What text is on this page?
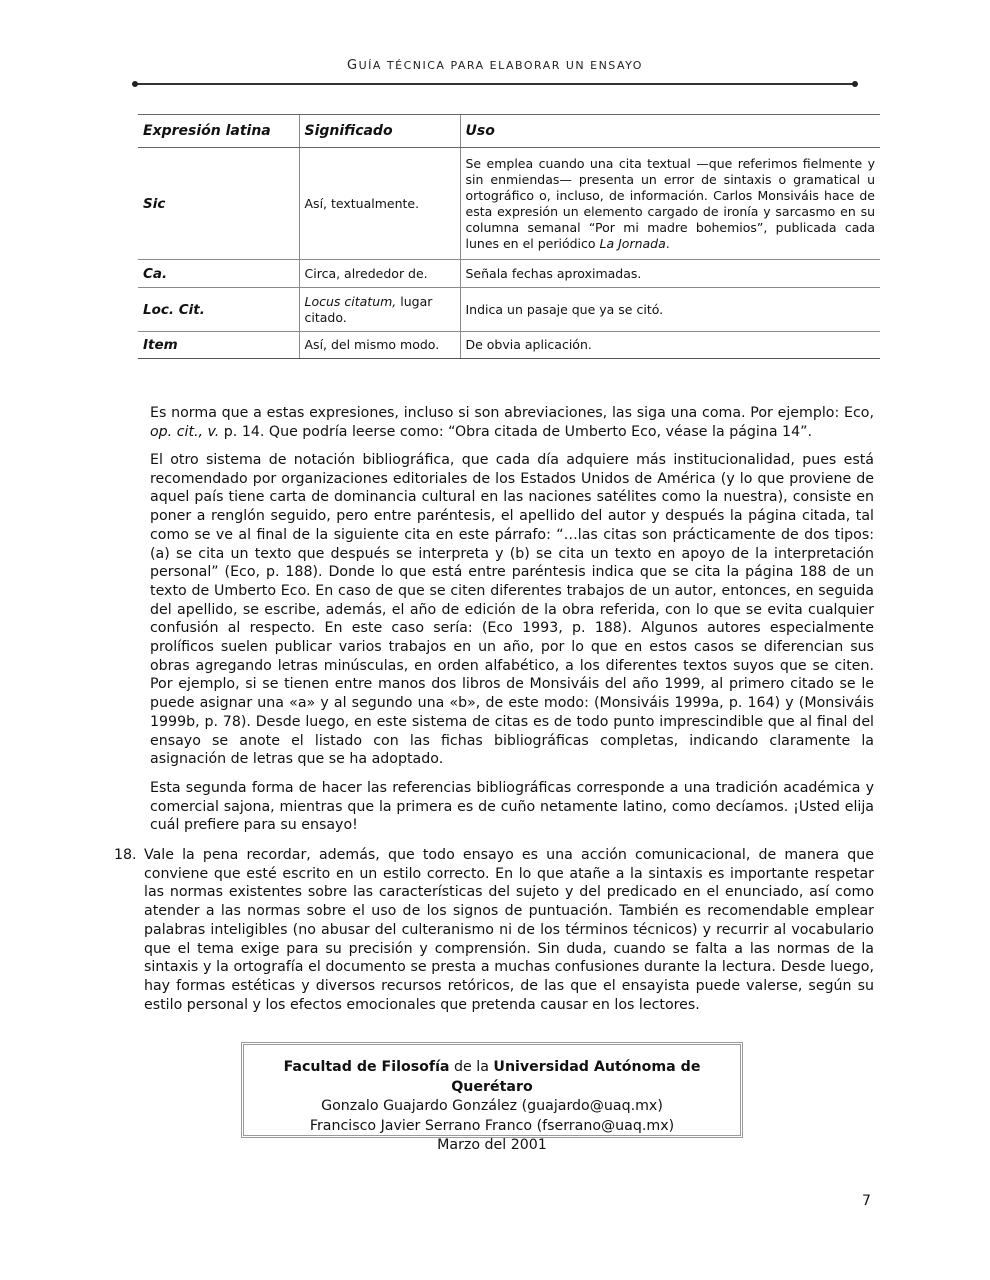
GUÍA TÉCNICA PARA ELABORAR UN ENSAYO
Expresión latina	Significado	Uso
Sic	Así, textualmente.	Se emplea cuando una cita textual —que referimos fielmente y sin enmiendas— presenta un error de sintaxis o gramatical u ortográfico o, incluso, de información. Carlos Monsiváis hace de esta expresión un elemento cargado de ironía y sarcasmo en su columna semanal “Por mi madre bohemios”, publicada cada lunes en el periódico La Jornada.
Ca.	Circa, alrededor de.	Señala fechas aproximadas.
Loc. Cit.	Locus citatum, lugar citado.	Indica un pasaje que ya se citó.
Item	Así, del mismo modo.	De obvia aplicación.

Es norma que a estas expresiones, incluso si son abreviaciones, las siga una coma. Por ejemplo: Eco, op. cit., v. p. 14. Que podría leerse como: “Obra citada de Umberto Eco, véase la página 14”.

El otro sistema de notación bibliográfica, que cada día adquiere más institucionalidad, pues está recomendado por organizaciones editoriales de los Estados Unidos de América (y lo que proviene de aquel país tiene carta de dominancia cultural en las naciones satélites como la nuestra), consiste en poner a renglón seguido, pero entre paréntesis, el apellido del autor y después la página citada, tal como se ve al final de la siguiente cita en este párrafo: “…las citas son prácticamente de dos tipos: (a) se cita un texto que después se interpreta y (b) se cita un texto en apoyo de la interpretación personal” (Eco, p. 188). Donde lo que está entre paréntesis indica que se cita la página 188 de un texto de Umberto Eco. En caso de que se citen diferentes trabajos de un autor, entonces, en seguida del apellido, se escribe, además, el año de edición de la obra referida, con lo que se evita cualquier confusión al respecto. En este caso sería: (Eco 1993, p. 188). Algunos autores especialmente prolíficos suelen publicar varios trabajos en un año, por lo que en estos casos se diferencian sus obras agregando letras minúsculas, en orden alfabético, a los diferentes textos suyos que se citen. Por ejemplo, si se tienen entre manos dos libros de Monsiváis del año 1999, al primero citado se le puede asignar una «a» y al segundo una «b», de este modo: (Monsiváis 1999a, p. 164) y (Monsiváis 1999b, p. 78). Desde luego, en este sistema de citas es de todo punto imprescindible que al final del ensayo se anote el listado con las fichas bibliográficas completas, indicando claramente la asignación de letras que se ha adoptado.

Esta segunda forma de hacer las referencias bibliográficas corresponde a una tradición académica y comercial sajona, mientras que la primera es de cuño netamente latino, como decíamos. ¡Usted elija cuál prefiere para su ensayo!

18. Vale la pena recordar, además, que todo ensayo es una acción comunicacional, de manera que conviene que esté escrito en un estilo correcto. En lo que atañe a la sintaxis es importante respetar las normas existentes sobre las características del sujeto y del predicado en el enunciado, así como atender a las normas sobre el uso de los signos de puntuación. También es recomendable emplear palabras inteligibles (no abusar del culteranismo ni de los términos técnicos) y recurrir al vocabulario que el tema exige para su precisión y comprensión. Sin duda, cuando se falta a las normas de la sintaxis y la ortografía el documento se presta a muchas confusiones durante la lectura. Desde luego, hay formas estéticas y diversos recursos retóricos, de las que el ensayista puede valerse, según su estilo personal y los efectos emocionales que pretenda causar en los lectores.
Facultad de Filosofía de la Universidad Autónoma de Querétaro
Gonzalo Guajardo González (guajardo@uaq.mx)
Francisco Javier Serrano Franco (fserrano@uaq.mx)
Marzo del 2001
7
